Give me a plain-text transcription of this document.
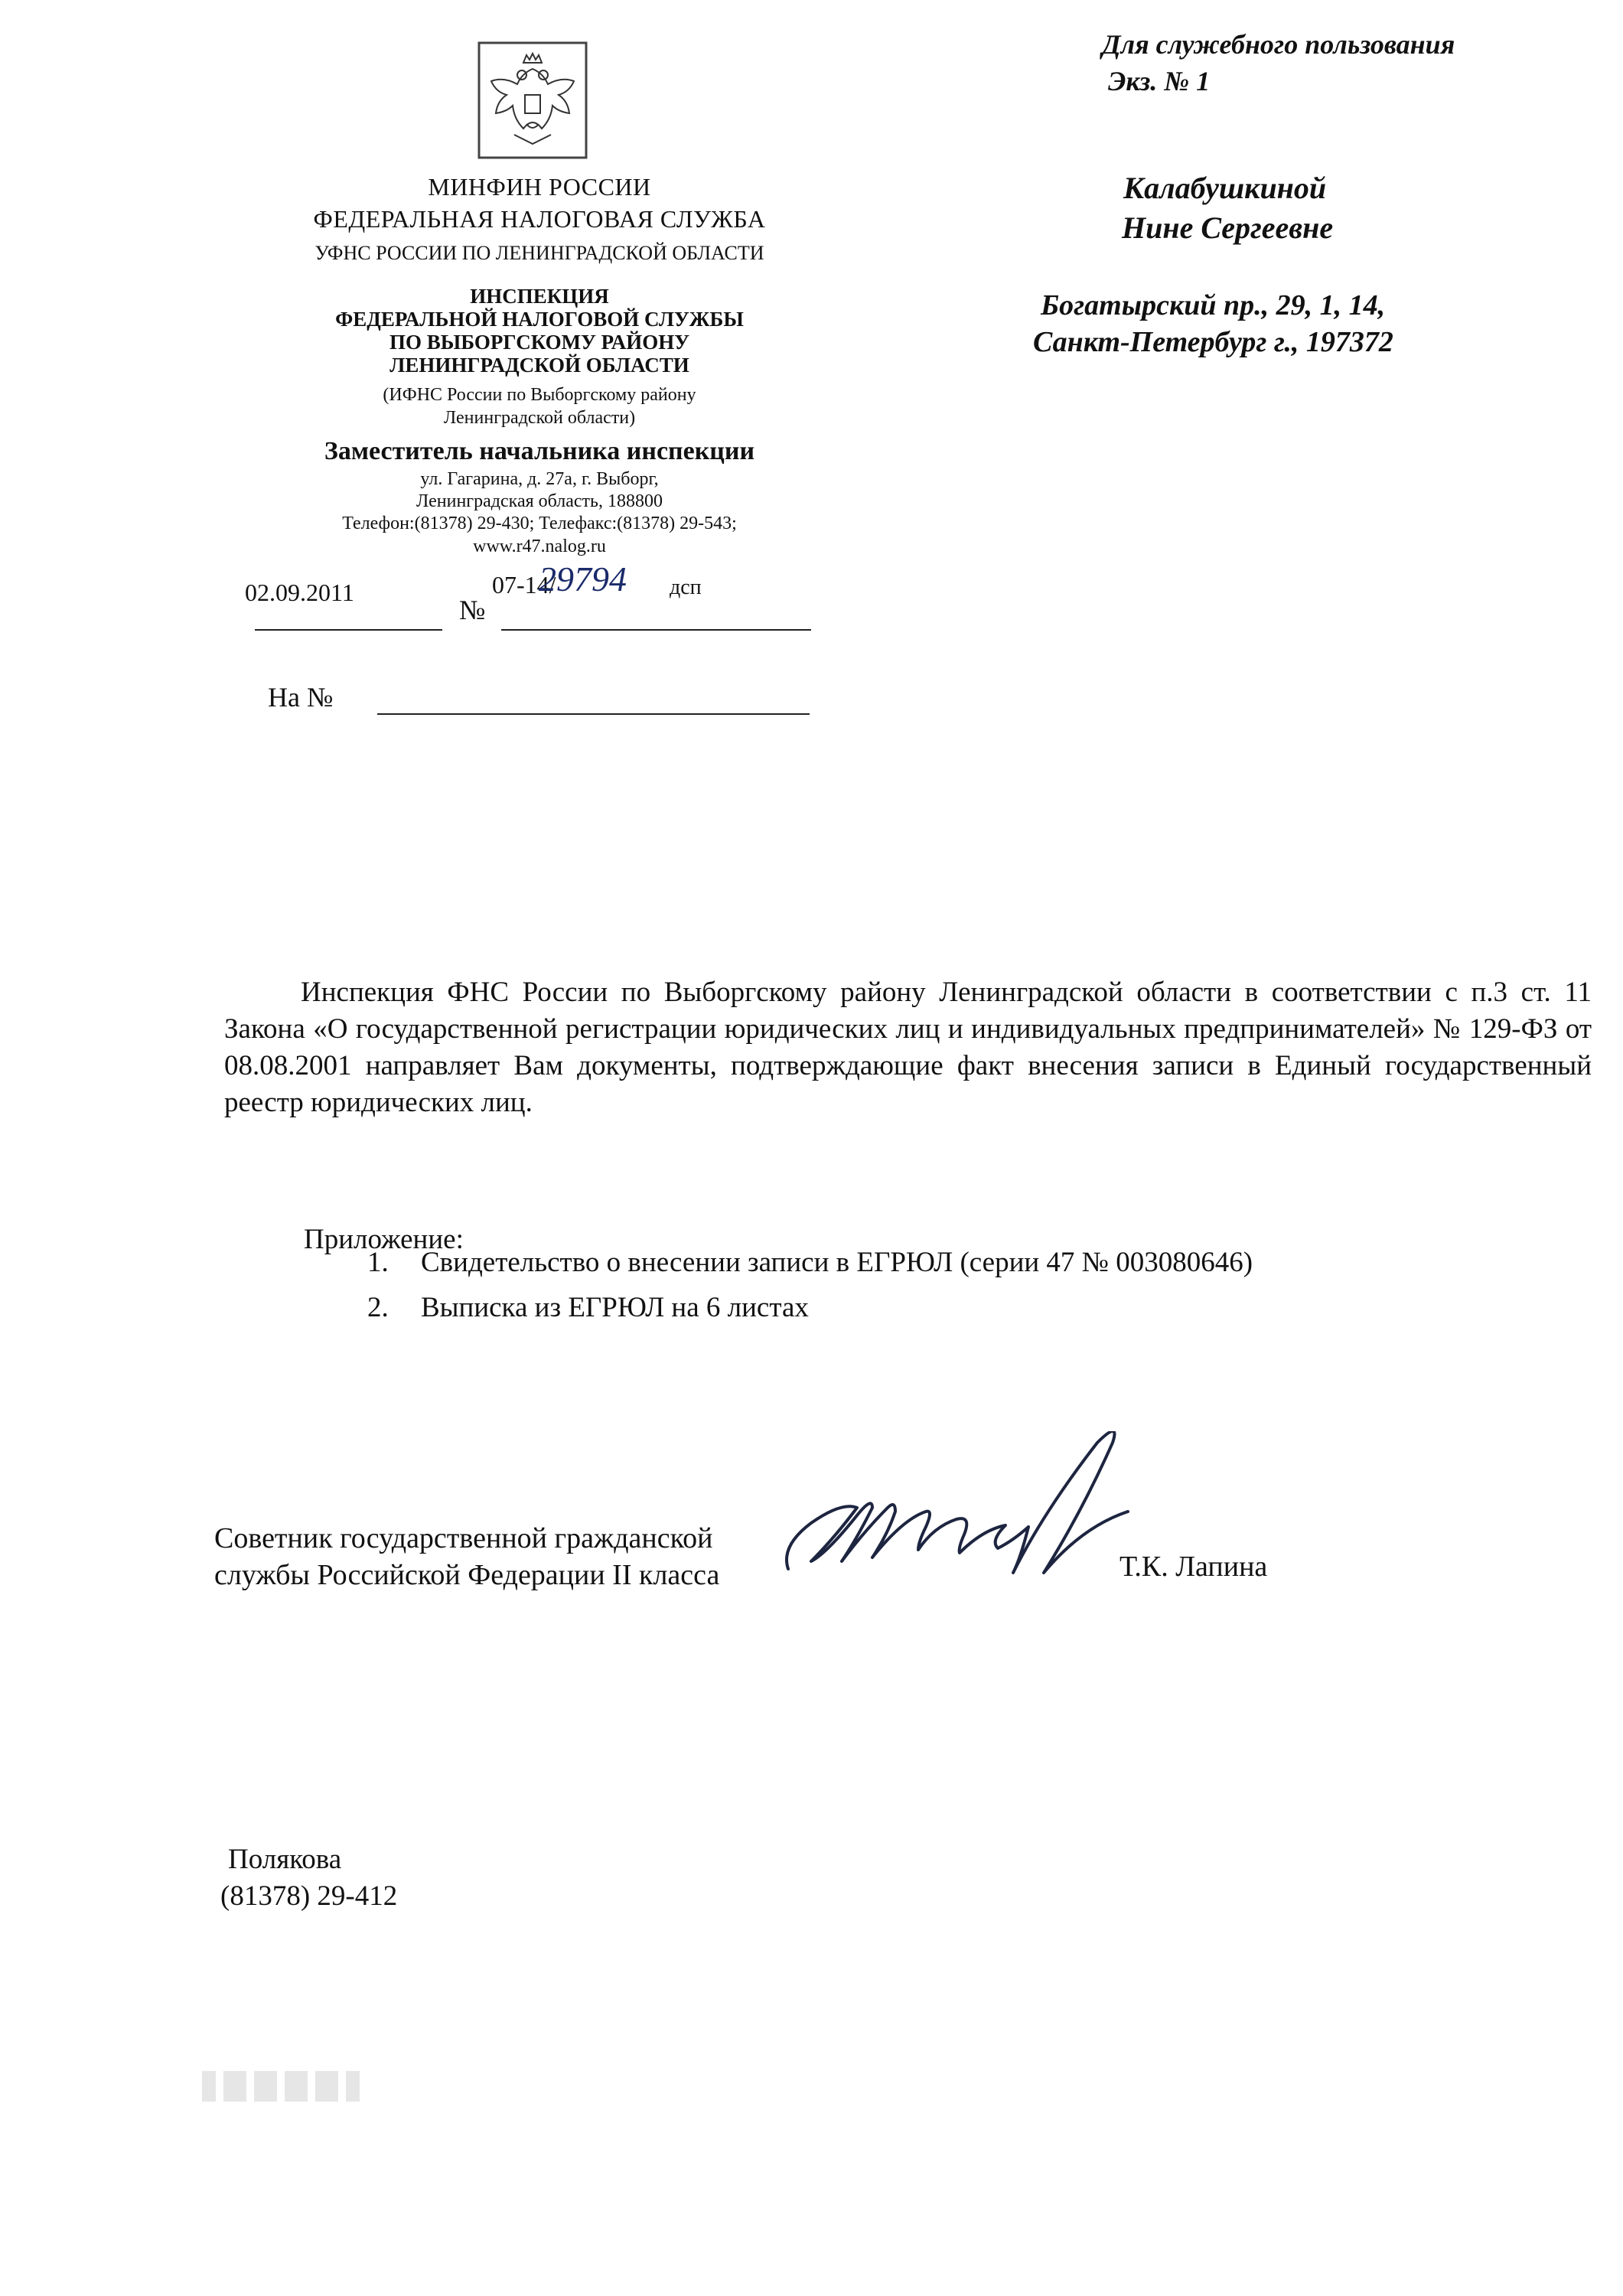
МИНФИН РОССИИ
ФЕДЕРАЛЬНАЯ НАЛОГОВАЯ СЛУЖБА
УФНС РОССИИ ПО ЛЕНИНГРАДСКОЙ ОБЛАСТИ
ИНСПЕКЦИЯ
ФЕДЕРАЛЬНОЙ НАЛОГОВОЙ СЛУЖБЫ
ПО ВЫБОРГСКОМУ РАЙОНУ
ЛЕНИНГРАДСКОЙ ОБЛАСТИ
(ИФНС России по Выборгскому району
Ленинградской области)
Заместитель начальника инспекции
ул. Гагарина, д. 27а, г. Выборг,
Ленинградская область, 188800
Телефон:(81378) 29-430; Телефакс:(81378) 29-543;
www.r47.nalog.ru
02.09.2011
№
07-14/
29794 дсп
На №
Для служебного пользования
Экз. № 1
Калабушкиной
Нине Сергеевне
Богатырский пр., 29, 1, 14,
Санкт-Петербург г., 197372

Инспекция ФНС России по Выборгскому району Ленинградской области в соответствии с п.3 ст. 11 Закона «О государственной регистрации юридических лиц и индивидуальных предпринимателей» № 129-ФЗ от 08.08.2001 направляет Вам документы, подтверждающие факт внесения записи в Единый государственный реестр юридических лиц.

Приложение:
1. Свидетельство о внесении записи в ЕГРЮЛ (серии 47 № 003080646)
2. Выписка из ЕГРЮЛ на 6 листах
Советник государственной гражданской
службы Российской Федерации II класса	Т.К. Лапина
Полякова
(81378) 29-412
